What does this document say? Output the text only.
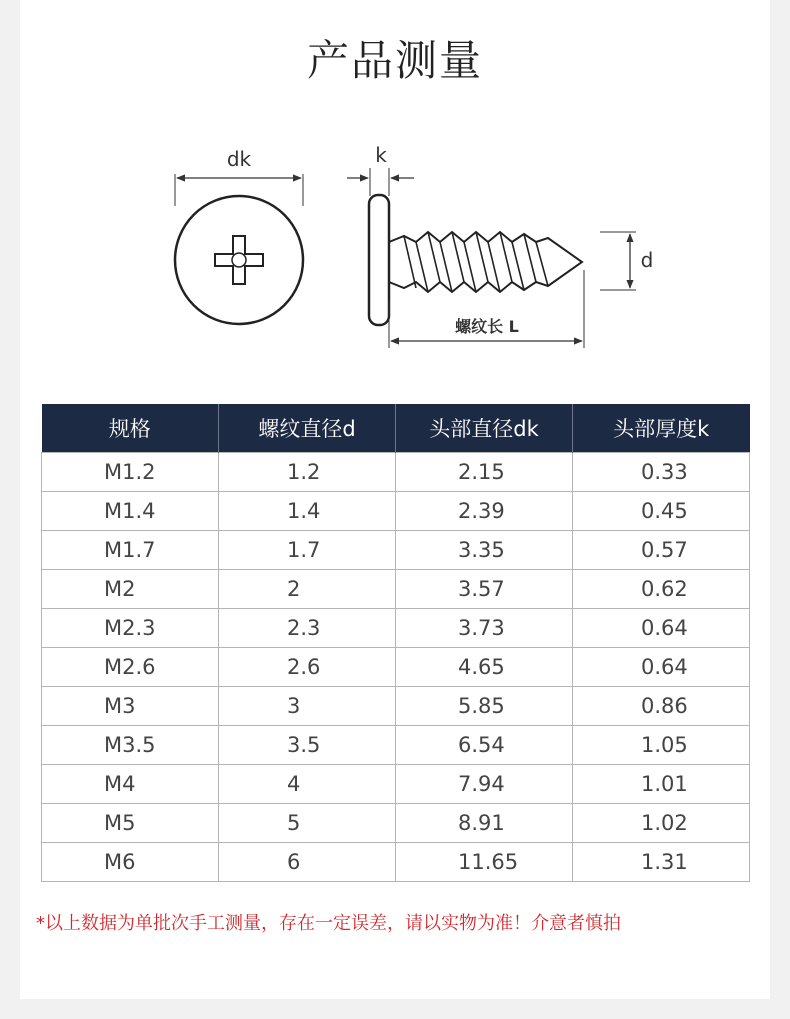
产品测量
dk	k
d
螺纹长 L
规格	螺纹直径d	头部直径dk	头部厚度k
M1.2	1.2	2.15	0.33
M1.4	1.4	2.39	0.45
M1.7	1.7	3.35	0.57
M2	2	3.57	0.62
M2.3	2.3	3.73	0.64
M2.6	2.6	4.65	0.64
M3	3	5.85	0.86
M3.5	3.5	6.54	1.05
M4	4	7.94	1.01
M5	5	8.91	1.02
M6	6	11.65	1.31
*以上数据为单批次手工测量，存在一定误差，请以实物为准！介意者慎拍
